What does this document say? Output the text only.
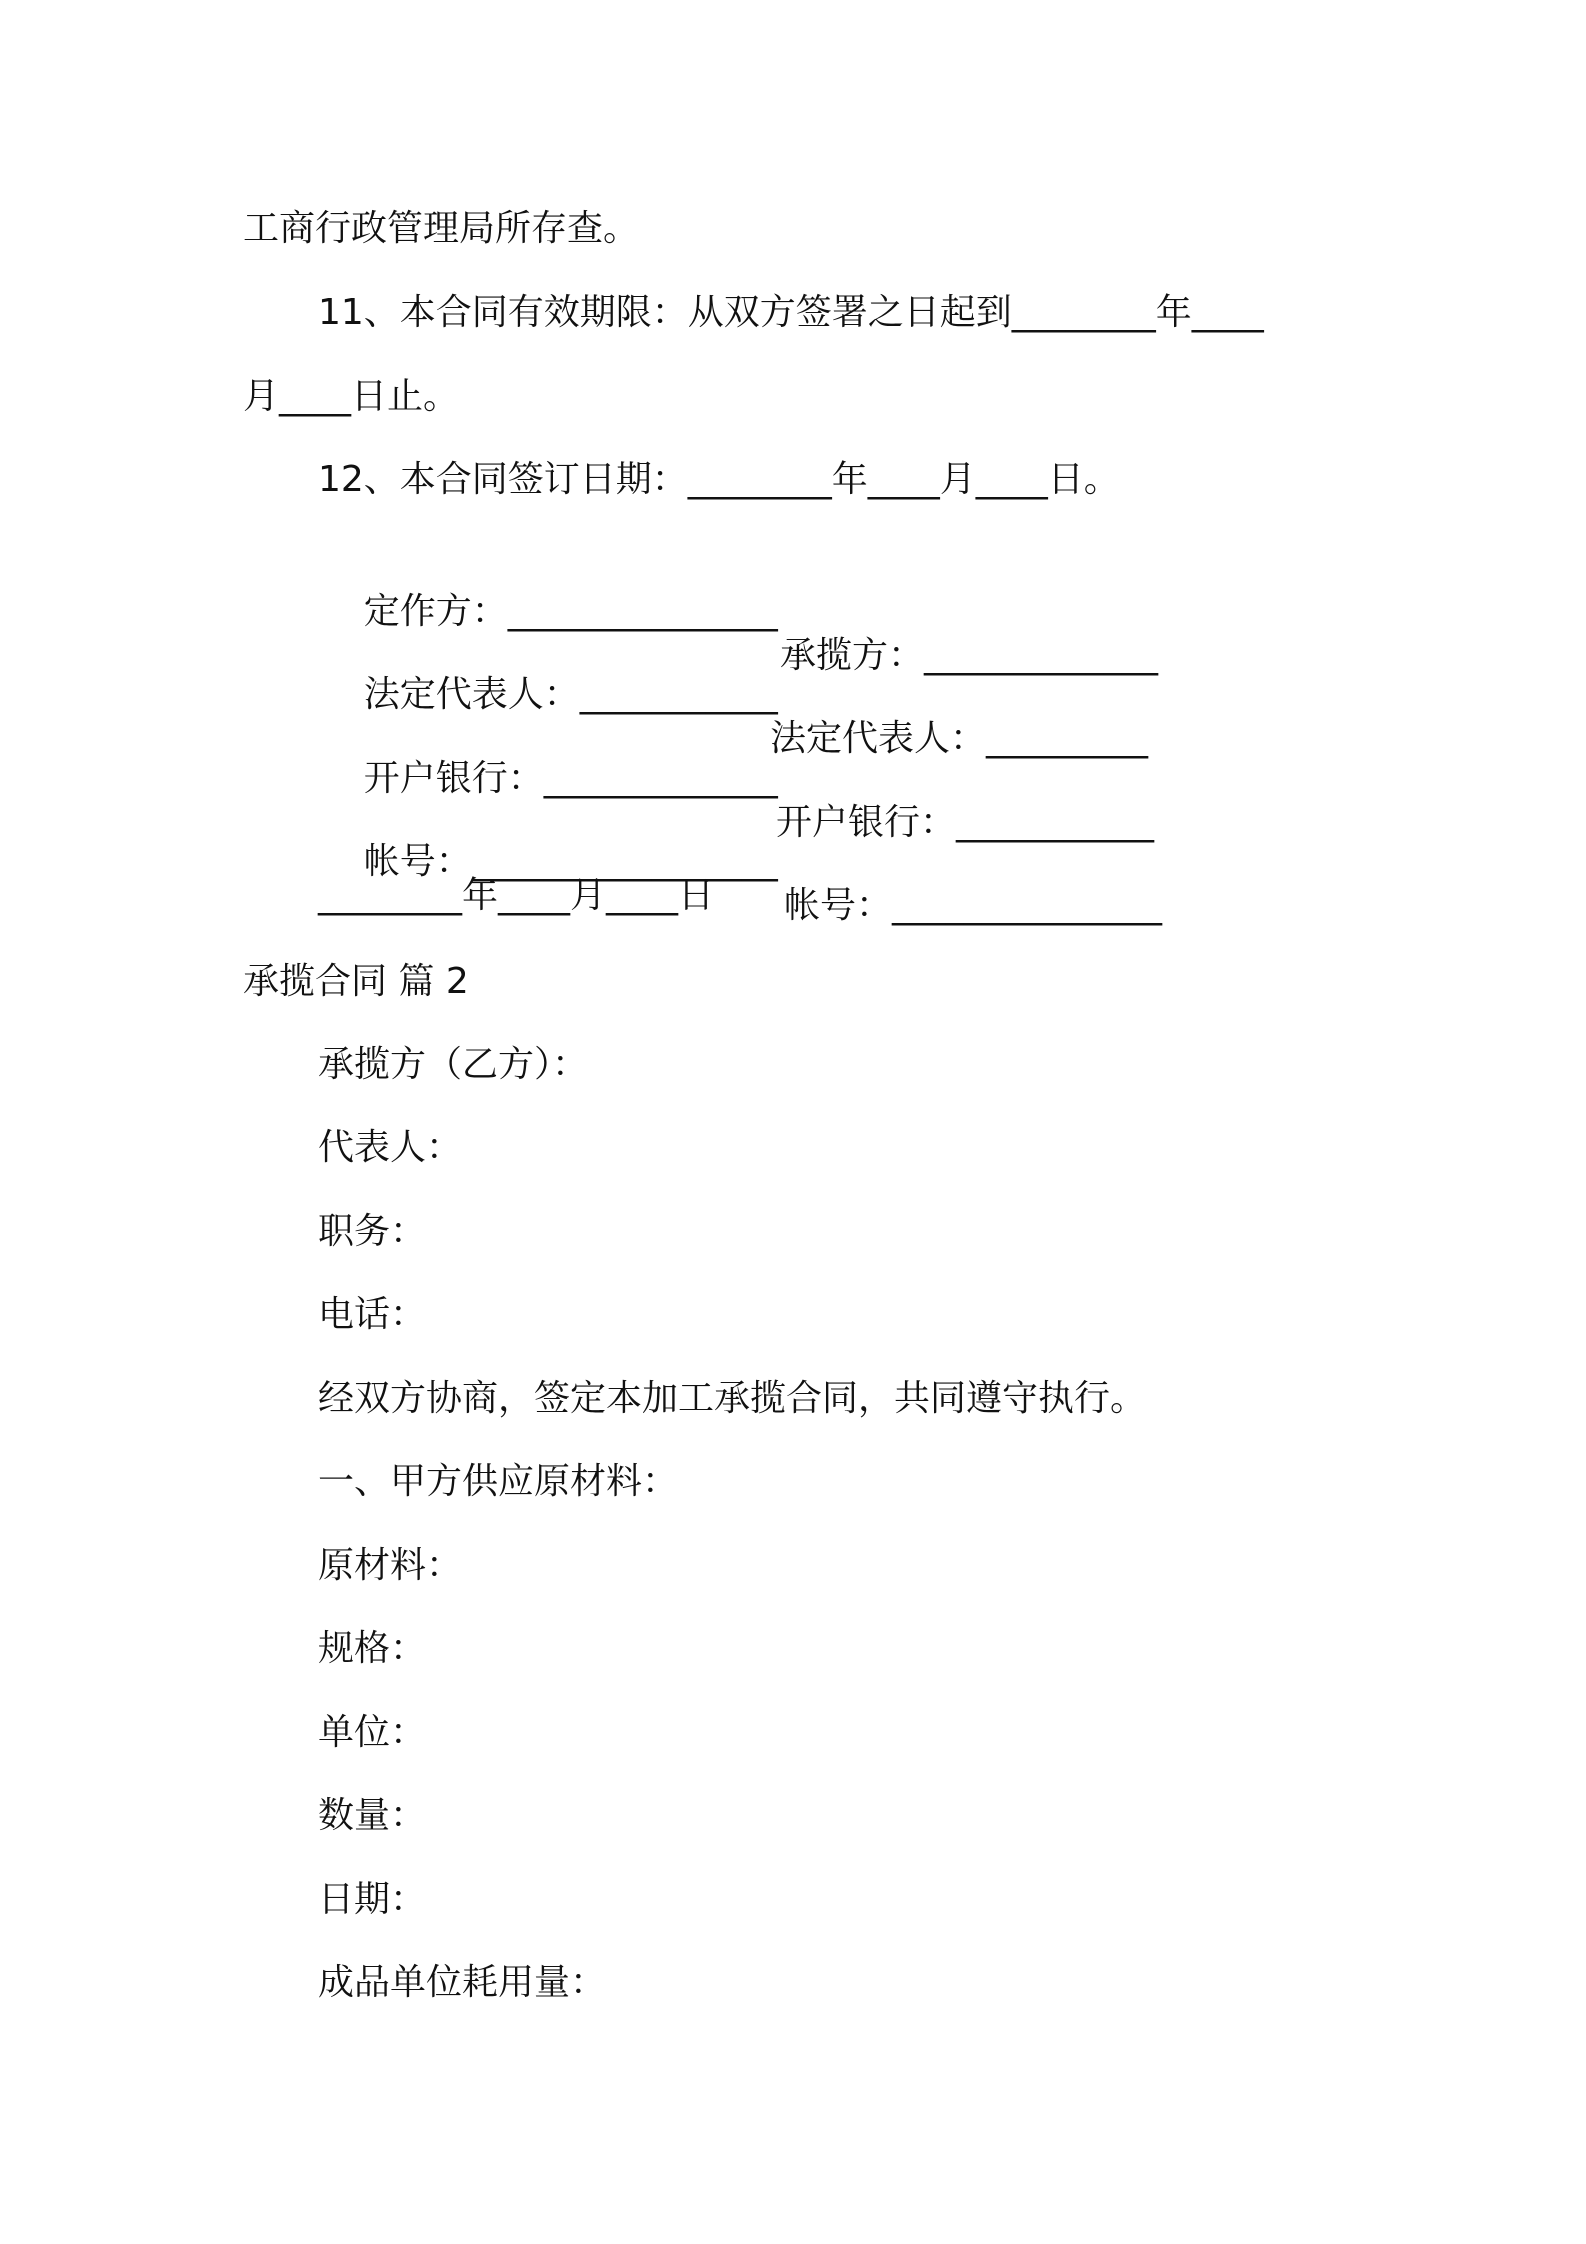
工商行政管理局所存查。
11、本合同有效期限：从双方签署之日起到________年____
月____日止。
12、本合同签订日期：________年____月____日。

定作方：_______________

承揽方：_____________

法定代表人：___________

法定代表人：_________

开户银行：_____________

开户银行：___________

帐号：_________________

帐号：_______________

________年____月____日
承揽合同 篇 2
承揽方（乙方）：
代表人：
职务：
电话：
经双方协商，签定本加工承揽合同，共同遵守执行。
一、甲方供应原材料：
原材料：
规格：
单位：
数量：
日期：
成品单位耗用量：
